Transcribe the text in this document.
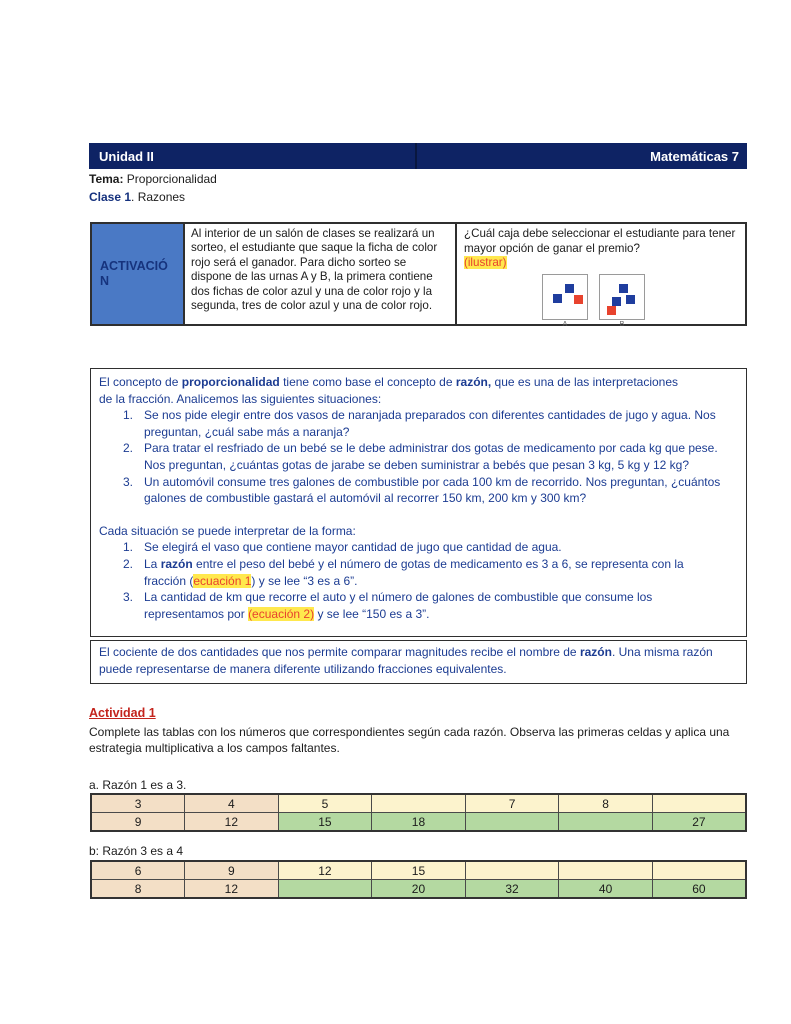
Unidad II	Matemáticas 7
Tema: Proporcionalidad
Clase 1. Razones
ACTIVACIÓN
Al interior de un salón de clases se realizará un sorteo, el estudiante que saque la ficha de color rojo será el ganador. Para dicho sorteo se dispone de las urnas A y B, la primera contiene dos fichas de color azul y una de color rojo y la segunda, tres de color azul y una de color rojo.
¿Cuál caja debe seleccionar el estudiante para tener mayor opción de ganar el premio?
(ilustrar)
A	B
El concepto de proporcionalidad tiene como base el concepto de razón, que es una de las interpretaciones de la fracción. Analicemos las siguientes situaciones:
1. Se nos pide elegir entre dos vasos de naranjada preparados con diferentes cantidades de jugo y agua. Nos preguntan, ¿cuál sabe más a naranja?
2. Para tratar el resfriado de un bebé se le debe administrar dos gotas de medicamento por cada kg que pese. Nos preguntan, ¿cuántas gotas de jarabe se deben suministrar a bebés que pesan 3 kg, 5 kg y 12 kg?
3. Un automóvil consume tres galones de combustible por cada 100 km de recorrido. Nos preguntan, ¿cuántos galones de combustible gastará el automóvil al recorrer 150 km, 200 km y 300 km?
Cada situación se puede interpretar de la forma:
1. Se elegirá el vaso que contiene mayor cantidad de jugo que cantidad de agua.
2. La razón entre el peso del bebé y el número de gotas de medicamento es 3 a 6, se representa con la fracción (ecuación 1) y se lee “3 es a 6”.
3. La cantidad de km que recorre el auto y el número de galones de combustible que consume los representamos por (ecuación 2) y se lee “150 es a 3”.
El cociente de dos cantidades que nos permite comparar magnitudes recibe el nombre de razón. Una misma razón puede representarse de manera diferente utilizando fracciones equivalentes.
Actividad 1
Complete las tablas con los números que correspondientes según cada razón. Observa las primeras celdas y aplica una estrategia multiplicativa a los campos faltantes.
a. Razón 1 es a 3.
3	4	5		7	8	
9	12	15	18			27
b: Razón 3 es a 4
6	9	12	15			
8	12		20	32	40	60
